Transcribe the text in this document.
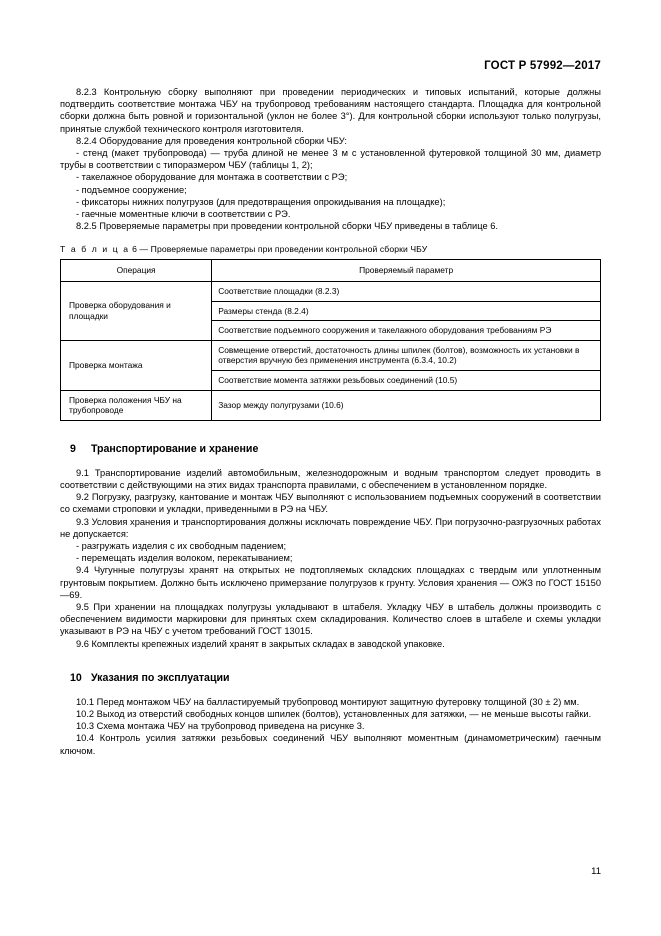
ГОСТ Р 57992—2017
8.2.3 Контрольную сборку выполняют при проведении периодических и типовых испытаний, которые должны подтвердить соответствие монтажа ЧБУ на трубопровод требованиям настоящего стандарта. Площадка для контрольной сборки должна быть ровной и горизонтальной (уклон не более 3°). Для контрольной сборки используют только полугрузы, принятые службой технического контроля изготовителя.
8.2.4 Оборудование для проведения контрольной сборки ЧБУ:
- стенд (макет трубопровода) — труба длиной не менее 3 м с установленной футеровкой толщиной 30 мм, диаметр трубы в соответствии с типоразмером ЧБУ (таблицы 1, 2);
- такелажное оборудование для монтажа в соответствии с РЭ;
- подъемное сооружение;
- фиксаторы нижних полугрузов (для предотвращения опрокидывания на площадке);
- гаечные моментные ключи в соответствии с РЭ.
8.2.5 Проверяемые параметры при проведении контрольной сборки ЧБУ приведены в таблице 6.
Т а б л и ц а 6 — Проверяемые параметры при проведении контрольной сборки ЧБУ
Операция	Проверяемый параметр
Проверка оборудования и площадки	Соответствие площадки (8.2.3)
	Размеры стенда (8.2.4)
	Соответствие подъемного сооружения и такелажного оборудования требованиям РЭ
Проверка монтажа	Совмещение отверстий, достаточность длины шпилек (болтов), возможность их установки в отверстия вручную без применения инструмента (6.3.4, 10.2)
	Соответствие момента затяжки резьбовых соединений (10.5)
Проверка положения ЧБУ на трубопроводе	Зазор между полугрузами (10.6)
9 Транспортирование и хранение
9.1 Транспортирование изделий автомобильным, железнодорожным и водным транспортом следует проводить в соответствии с действующими на этих видах транспорта правилами, с обеспечением в установленном порядке.
9.2 Погрузку, разгрузку, кантование и монтаж ЧБУ выполняют с использованием подъемных сооружений в соответствии со схемами строповки и укладки, приведенными в РЭ на ЧБУ.
9.3 Условия хранения и транспортирования должны исключать повреждение ЧБУ. При погрузочно-разгрузочных работах не допускается:
- разгружать изделия с их свободным падением;
- перемещать изделия волоком, перекатыванием;
9.4 Чугунные полугрузы хранят на открытых не подтопляемых складских площадках с твердым или уплотненным грунтовым покрытием. Должно быть исключено примерзание полугрузов к грунту. Условия хранения — ОЖЗ по ГОСТ 15150—69.
9.5 При хранении на площадках полугрузы укладывают в штабеля. Укладку ЧБУ в штабель должны производить с обеспечением видимости маркировки для принятых схем складирования. Количество слоев в штабеле и схемы укладки указывают в РЭ на ЧБУ с учетом требований ГОСТ 13015.
9.6 Комплекты крепежных изделий хранят в закрытых складах в заводской упаковке.
10 Указания по эксплуатации
10.1 Перед монтажом ЧБУ на балластируемый трубопровод монтируют защитную футеровку толщиной (30 ± 2) мм.
10.2 Выход из отверстий свободных концов шпилек (болтов), установленных для затяжки, — не меньше высоты гайки.
10.3 Схема монтажа ЧБУ на трубопровод приведена на рисунке 3.
10.4 Контроль усилия затяжки резьбовых соединений ЧБУ выполняют моментным (динамометрическим) гаечным ключом.
11
